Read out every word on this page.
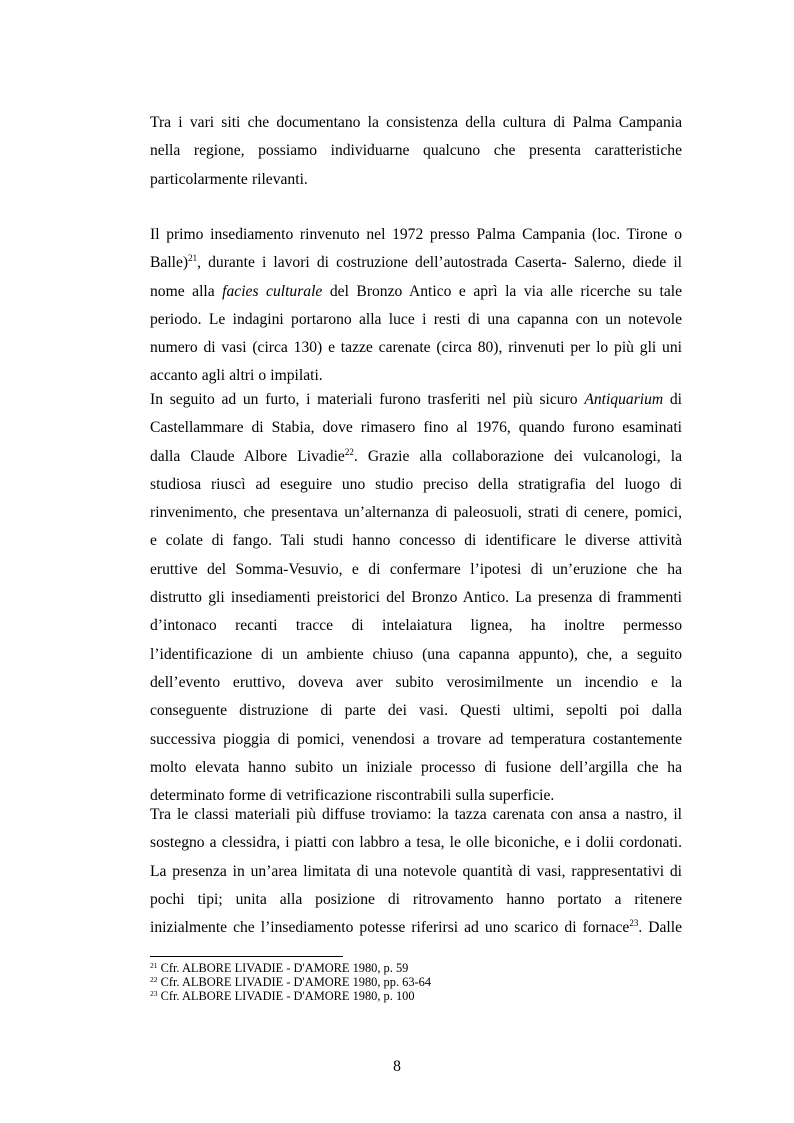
Tra i vari siti che documentano la consistenza della cultura di Palma Campania
nella regione, possiamo individuarne qualcuno che presenta caratteristiche
particolarmente rilevanti.
Il primo insediamento rinvenuto nel 1972 presso Palma Campania (loc. Tirone o
Balle)$^{21}$, durante i lavori di costruzione dell’autostrada Caserta- Salerno, diede il
nome alla facies culturale del Bronzo Antico e aprì la via alle ricerche su tale
periodo. Le indagini portarono alla luce i resti di una capanna con un notevole
numero di vasi (circa 130) e tazze carenate (circa 80), rinvenuti per lo più gli uni
accanto agli altri o impilati.
In seguito ad un furto, i materiali furono trasferiti nel più sicuro Antiquarium di
Castellammare di Stabia, dove rimasero fino al 1976, quando furono esaminati
dalla Claude Albore Livadie$^{22}$. Grazie alla collaborazione dei vulcanologi, la
studiosa riuscì ad eseguire uno studio preciso della stratigrafia del luogo di
rinvenimento, che presentava un’alternanza di paleosuoli, strati di cenere, pomici,
e colate di fango. Tali studi hanno concesso di identificare le diverse attività
eruttive del Somma-Vesuvio, e di confermare l’ipotesi di un’eruzione che ha
distrutto gli insediamenti preistorici del Bronzo Antico. La presenza di frammenti
d’intonaco recanti tracce di intelaiatura lignea, ha inoltre permesso
l’identificazione di un ambiente chiuso (una capanna appunto), che, a seguito
dell’evento eruttivo, doveva aver subito verosimilmente un incendio e la
conseguente distruzione di parte dei vasi. Questi ultimi, sepolti poi dalla
successiva pioggia di pomici, venendosi a trovare ad temperatura costantemente
molto elevata hanno subito un iniziale processo di fusione dell’argilla che ha
determinato forme di vetrificazione riscontrabili sulla superficie.
Tra le classi materiali più diffuse troviamo: la tazza carenata con ansa a nastro, il
sostegno a clessidra, i piatti con labbro a tesa, le olle biconiche, e i dolii cordonati.
La presenza in un’area limitata di una notevole quantità di vasi, rappresentativi di
pochi tipi; unita alla posizione di ritrovamento hanno portato a ritenere
inizialmente che l’insediamento potesse riferirsi ad uno scarico di fornace$^{23}$. Dalle
$^{21}$ Cfr. ALBORE LIVADIE - D'AMORE 1980, p. 59
$^{22}$ Cfr. ALBORE LIVADIE - D'AMORE 1980, pp. 63-64
$^{23}$ Cfr. ALBORE LIVADIE - D'AMORE 1980, p. 100
8
